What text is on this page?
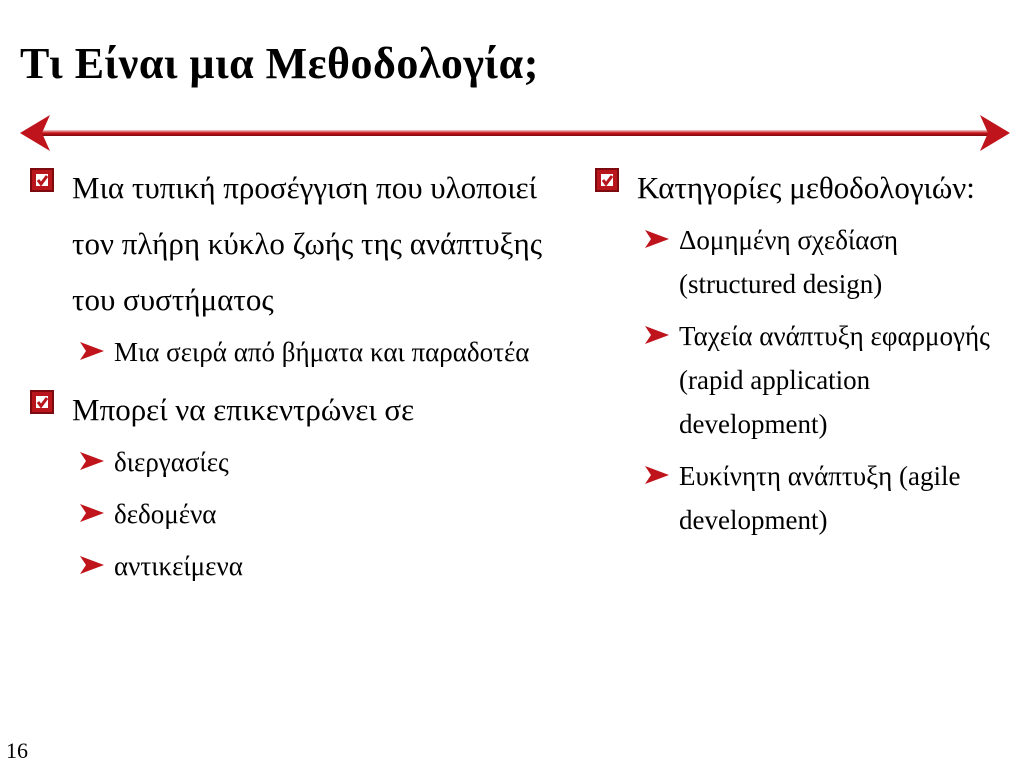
Τι Είναι μια Μεθοδολογία;
Μια τυπική προσέγγιση που υλοποιεί τον πλήρη κύκλο ζωής της ανάπτυξης του συστήματος
Μια σειρά από βήματα και παραδοτέα
Μπορεί να επικεντρώνει σε
διεργασίες
δεδομένα
αντικείμενα
Κατηγορίες μεθοδολογιών:
Δομημένη σχεδίαση (structured design)
Ταχεία ανάπτυξη εφαρμογής (rapid application development)
Ευκίνητη ανάπτυξη (agile development)
16
